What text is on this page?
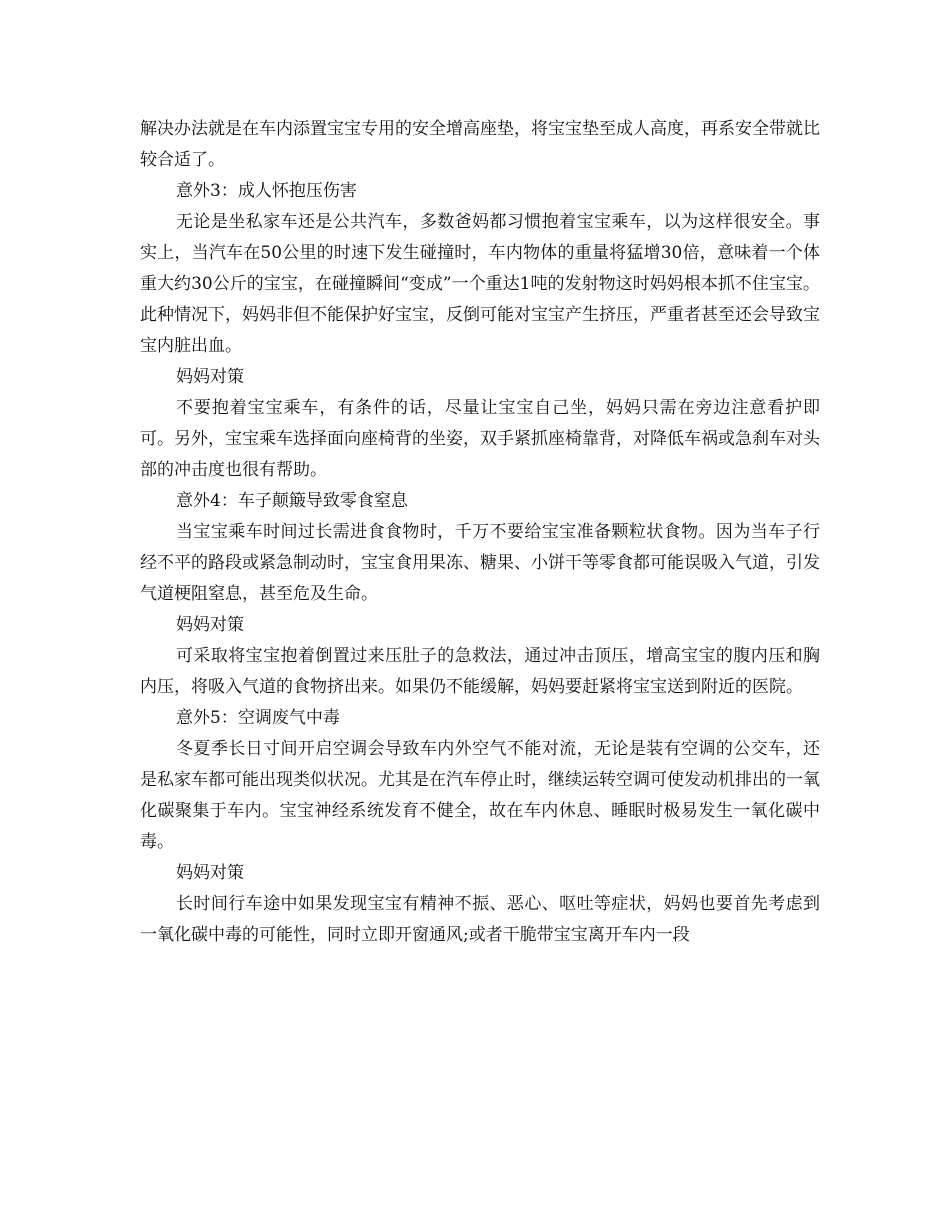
解决办法就是在车内添置宝宝专用的安全增高座垫，将宝宝垫至成人高度，再系安全带就比较合适了。

意外3：成人怀抱压伤害

无论是坐私家车还是公共汽车，多数爸妈都习惯抱着宝宝乘车，以为这样很安全。事实上，当汽车在50公里的时速下发生碰撞时，车内物体的重量将猛增30倍，意味着一个体重大约30公斤的宝宝，在碰撞瞬间“变成”一个重达1吨的发射物这时妈妈根本抓不住宝宝。此种情况下，妈妈非但不能保护好宝宝，反倒可能对宝宝产生挤压，严重者甚至还会导致宝宝内脏出血。

妈妈对策

不要抱着宝宝乘车，有条件的话，尽量让宝宝自己坐，妈妈只需在旁边注意看护即可。另外，宝宝乘车选择面向座椅背的坐姿，双手紧抓座椅靠背，对降低车祸或急刹车对头部的冲击度也很有帮助。

意外4：车子颠簸导致零食窒息

当宝宝乘车时间过长需进食食物时，千万不要给宝宝准备颗粒状食物。因为当车子行经不平的路段或紧急制动时，宝宝食用果冻、糖果、小饼干等零食都可能误吸入气道，引发气道梗阻窒息，甚至危及生命。

妈妈对策

可采取将宝宝抱着倒置过来压肚子的急救法，通过冲击顶压，增高宝宝的腹内压和胸内压，将吸入气道的食物挤出来。如果仍不能缓解，妈妈要赶紧将宝宝送到附近的医院。

意外5：空调废气中毒

冬夏季长日寸间开启空调会导致车内外空气不能对流，无论是装有空调的公交车，还是私家车都可能出现类似状况。尤其是在汽车停止时，继续运转空调可使发动机排出的一氧化碳聚集于车内。宝宝神经系统发育不健全，故在车内休息、睡眠时极易发生一氧化碳中毒。

妈妈对策

长时间行车途中如果发现宝宝有精神不振、恶心、呕吐等症状，妈妈也要首先考虑到一氧化碳中毒的可能性，同时立即开窗通风;或者干脆带宝宝离开车内一段
